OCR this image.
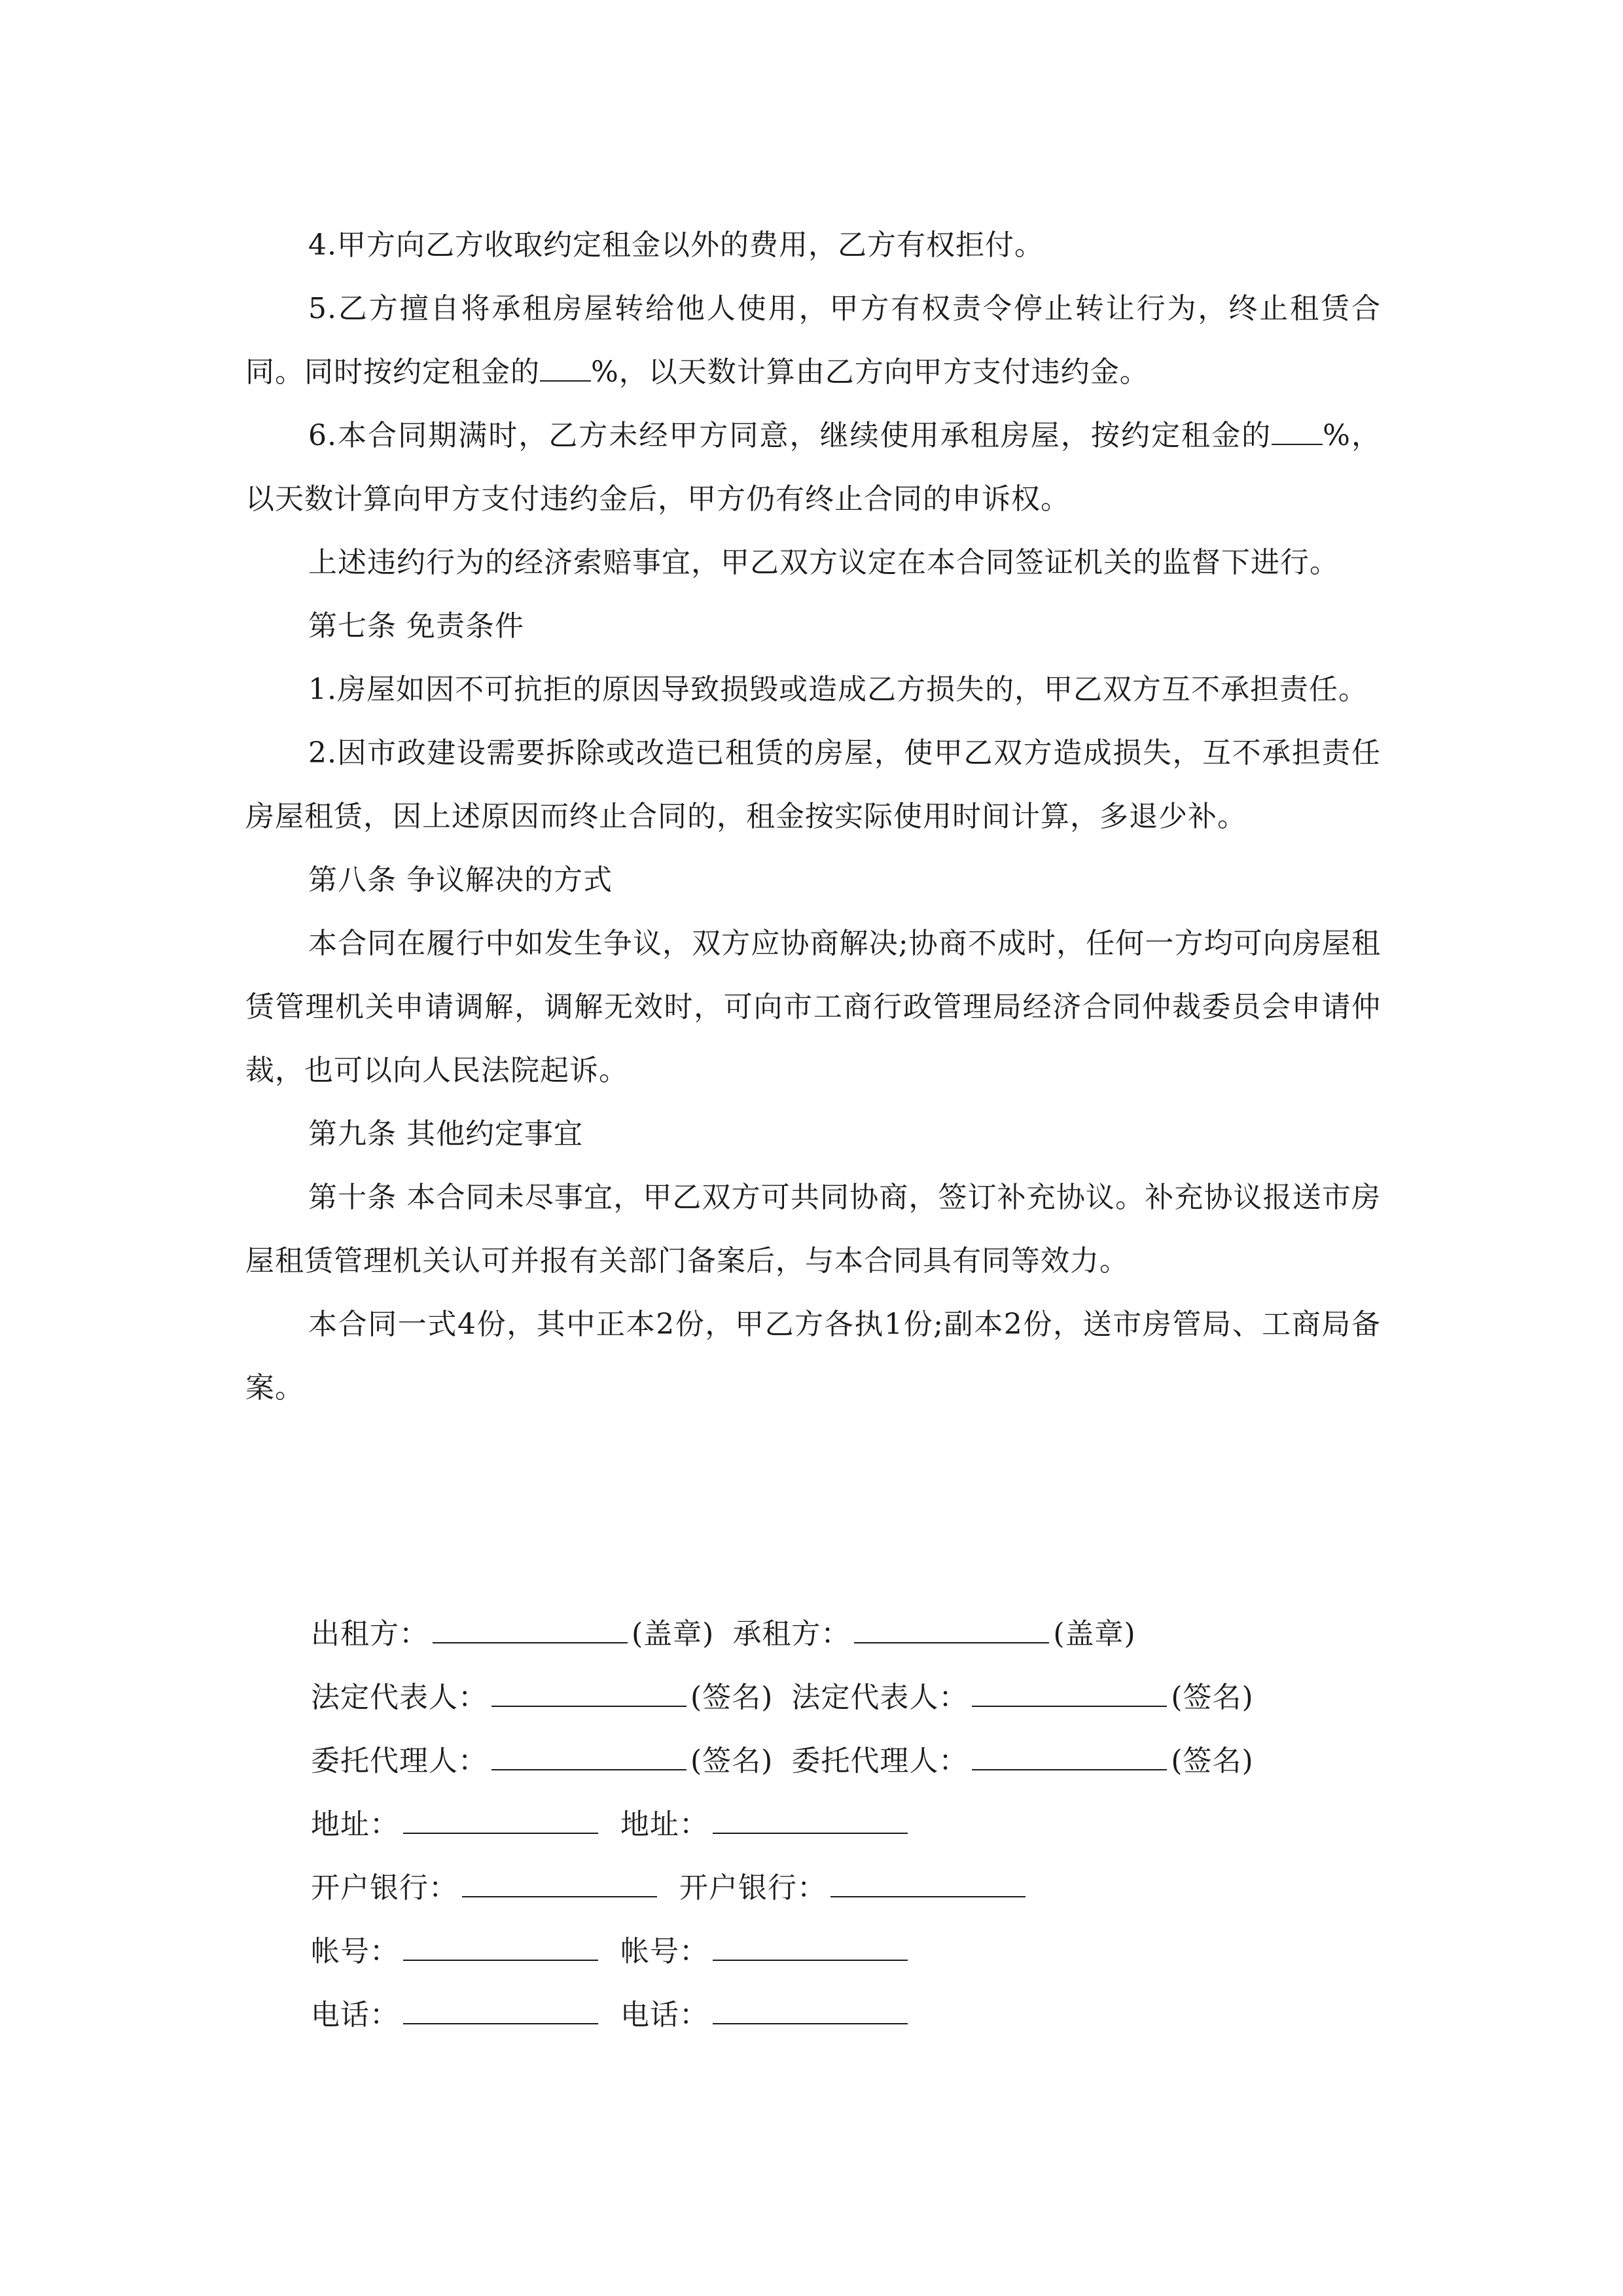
4.甲方向乙方收取约定租金以外的费用，乙方有权拒付。

5.乙方擅自将承租房屋转给他人使用，甲方有权责令停止转让行为，终止租赁合同。同时按约定租金的 %，以天数计算由乙方向甲方支付违约金。

6.本合同期满时，乙方未经甲方同意，继续使用承租房屋，按约定租金的 %，以天数计算向甲方支付违约金后，甲方仍有终止合同的申诉权。

上述违约行为的经济索赔事宜，甲乙双方议定在本合同签证机关的监督下进行。

第七条 免责条件

1.房屋如因不可抗拒的原因导致损毁或造成乙方损失的，甲乙双方互不承担责任。

2.因市政建设需要拆除或改造已租赁的房屋，使甲乙双方造成损失，互不承担责任房屋租赁，因上述原因而终止合同的，租金按实际使用时间计算，多退少补。

第八条 争议解决的方式

本合同在履行中如发生争议，双方应协商解决;协商不成时，任何一方均可向房屋租赁管理机关申请调解，调解无效时，可向市工商行政管理局经济合同仲裁委员会申请仲裁，也可以向人民法院起诉。

第九条 其他约定事宜

第十条 本合同未尽事宜，甲乙双方可共同协商，签订补充协议。补充协议报送市房屋租赁管理机关认可并报有关部门备案后，与本合同具有同等效力。

本合同一式4份，其中正本2份，甲乙方各执1份;副本2份，送市房管局、工商局备案。

出租方：	(盖章) 承租方：	(盖章)
法定代表人：	(签名) 法定代表人：	(签名)
委托代理人：	(签名) 委托代理人：	(签名)
地址：	地址：
开户银行：	开户银行：
帐号：	帐号：
电话：	电话：
